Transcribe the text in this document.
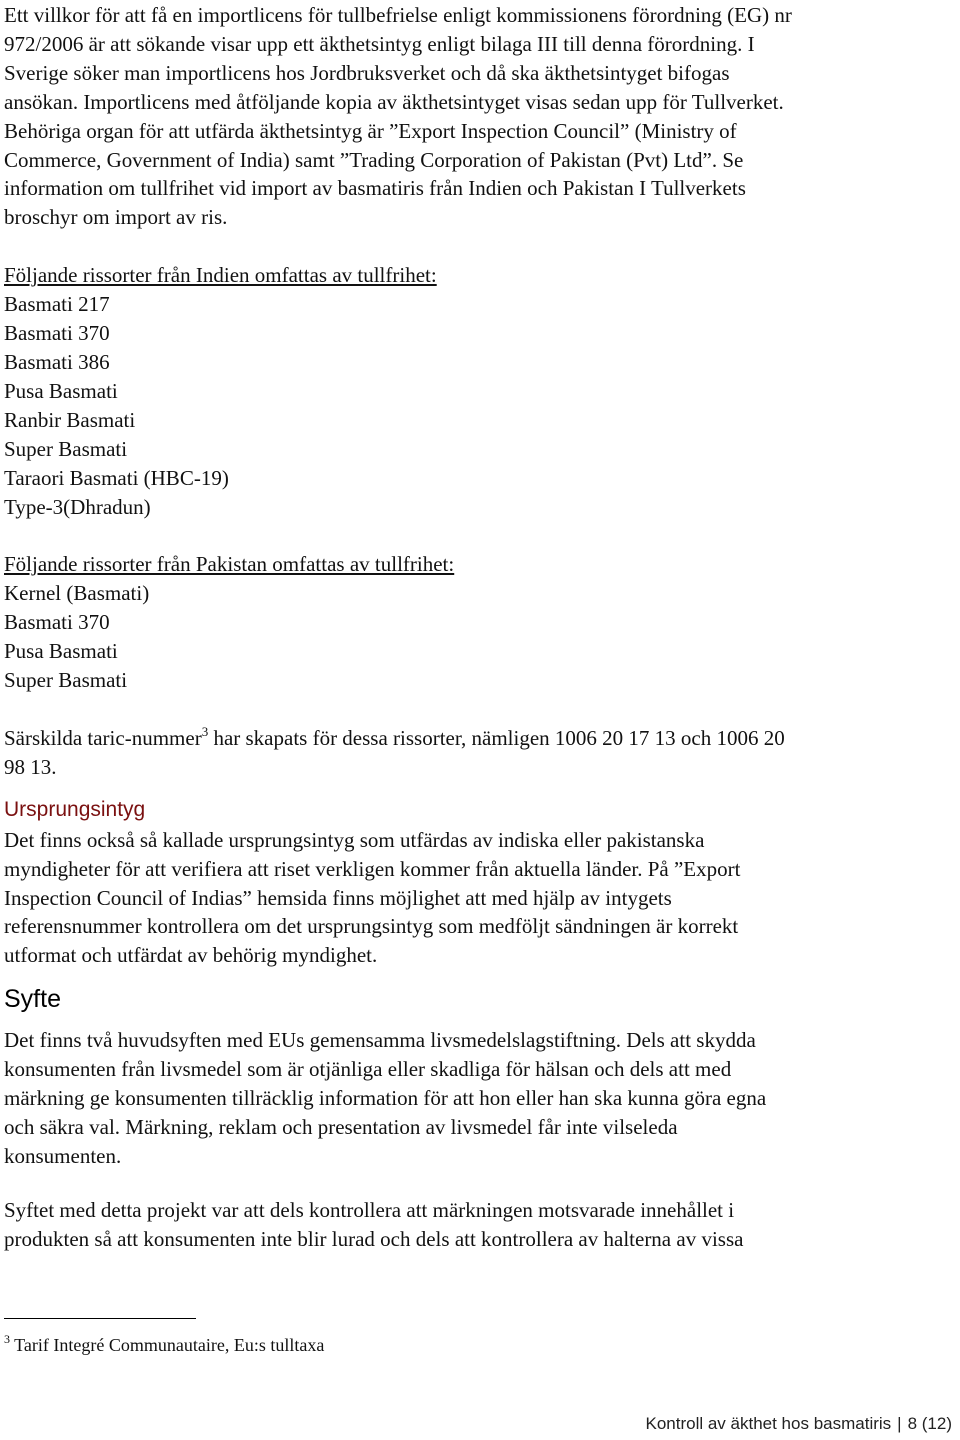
Ett villkor för att få en importlicens för tullbefrielse enligt kommissionens förordning (EG) nr
972/2006 är att sökande visar upp ett äkthetsintyg enligt bilaga III till denna förordning. I
Sverige söker man importlicens hos Jordbruksverket och då ska äkthetsintyget bifogas
ansökan. Importlicens med åtföljande kopia av äkthetsintyget visas sedan upp för Tullverket.
Behöriga organ för att utfärda äkthetsintyg är ”Export Inspection Council” (Ministry of
Commerce, Government of India) samt ”Trading Corporation of Pakistan (Pvt) Ltd”. Se
information om tullfrihet vid import av basmatiris från Indien och Pakistan I Tullverkets
broschyr om import av ris.

Följande rissorter från Indien omfattas av tullfrihet:
Basmati 217
Basmati 370
Basmati 386
Pusa Basmati
Ranbir Basmati
Super Basmati
Taraori Basmati (HBC-19)
Type-3(Dhradun)

Följande rissorter från Pakistan omfattas av tullfrihet:
Kernel (Basmati)
Basmati 370
Pusa Basmati
Super Basmati

Särskilda taric-nummer$^3$ har skapats för dessa rissorter, nämligen 1006 20 17 13 och 1006 20
98 13.

Ursprungsintyg

Det finns också så kallade ursprungsintyg som utfärdas av indiska eller pakistanska
myndigheter för att verifiera att riset verkligen kommer från aktuella länder. På ”Export
Inspection Council of Indias” hemsida finns möjlighet att med hjälp av intygets
referensnummer kontrollera om det ursprungsintyg som medföljt sändningen är korrekt
utformat och utfärdat av behörig myndighet.

Syfte

Det finns två huvudsyften med EUs gemensamma livsmedelslagstiftning. Dels att skydda
konsumenten från livsmedel som är otjänliga eller skadliga för hälsan och dels att med
märkning ge konsumenten tillräcklig information för att hon eller han ska kunna göra egna
och säkra val. Märkning, reklam och presentation av livsmedel får inte vilseleda
konsumenten.

Syftet med detta projekt var att dels kontrollera att märkningen motsvarade innehållet i
produkten så att konsumenten inte blir lurad och dels att kontrollera av halterna av vissa

$^3$ Tarif Integré Communautaire, Eu:s tulltaxa
Kontroll av äkthet hos basmatiris | 8 (12)
